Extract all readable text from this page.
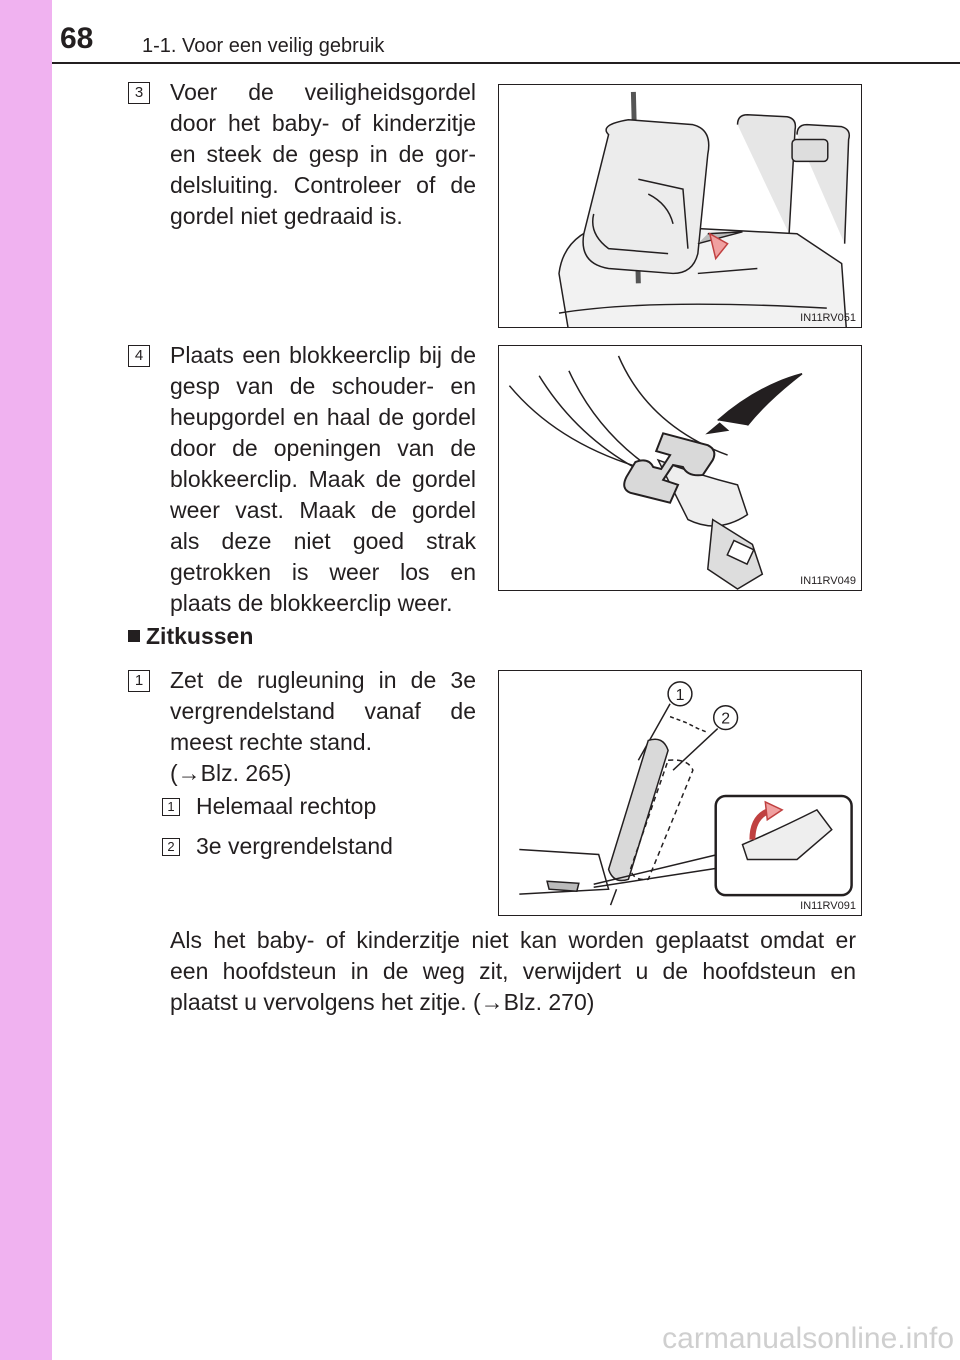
68 1-1. Voor een veilig gebruik
3 Voer de veiligheidsgordel
door het baby- of kinderzitje
en steek de gesp in de gor-
delsluiting. Controleer of de
gordel niet gedraaid is.
IN11RV051
4 Plaats een blokkeerclip bij de
gesp van de schouder- en
heupgordel en haal de gordel
door de openingen van de
blokkeerclip. Maak de gordel
weer vast. Maak de gordel
als deze niet goed strak
getrokken is weer los en
plaats de blokkeerclip weer.
IN11RV049
Zitkussen
1 Zet de rugleuning in de 3e
vergrendelstand vanaf de
meest rechte stand.
(→Blz. 265)
1 Helemaal rechtop
2 3e vergrendelstand
1
2
IN11RV091
Als het baby- of kinderzitje niet kan worden geplaatst omdat er
een hoofdsteun in de weg zit, verwijdert u de hoofdsteun en
plaatst u vervolgens het zitje. (→Blz. 270)
carmanualsonline.info
